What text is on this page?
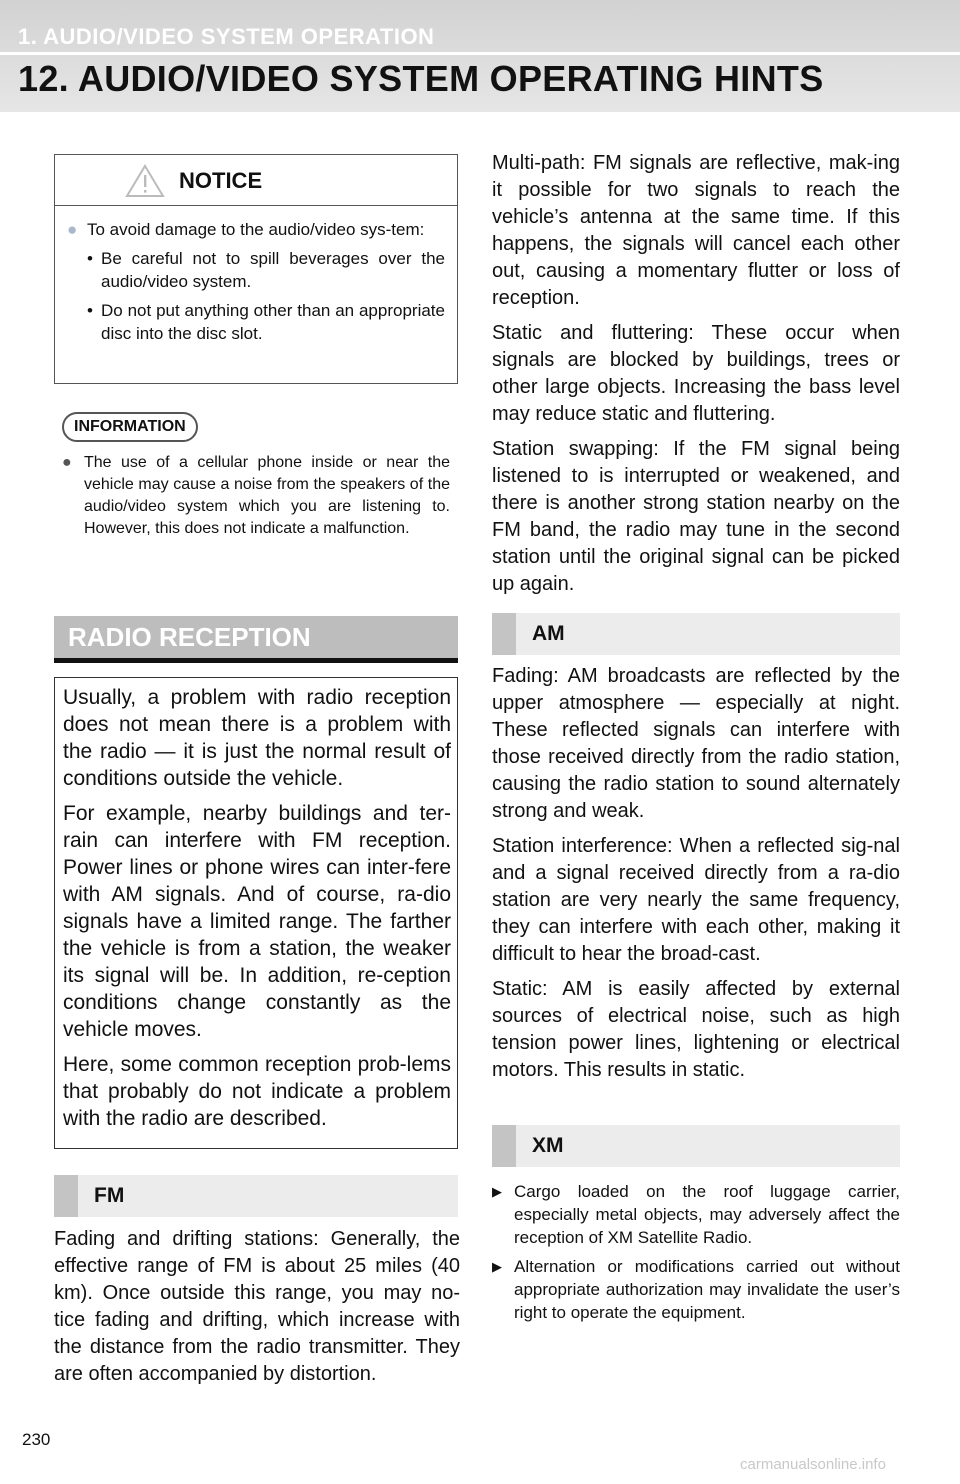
1. AUDIO/VIDEO SYSTEM OPERATION
12. AUDIO/VIDEO SYSTEM OPERATING HINTS
NOTICE
● To avoid damage to the audio/video sys-tem:
• Be careful not to spill beverages over the audio/video system.
• Do not put anything other than an appropriate disc into the disc slot.
INFORMATION
● The use of a cellular phone inside or near the vehicle may cause a noise from the speakers of the audio/video system which you are listening to. However, this does not indicate a malfunction.
RADIO RECEPTION

Usually, a problem with radio reception does not mean there is a problem with the radio — it is just the normal result of conditions outside the vehicle.

For example, nearby buildings and ter-rain can interfere with FM reception. Power lines or phone wires can inter-fere with AM signals. And of course, ra-dio signals have a limited range. The farther the vehicle is from a station, the weaker its signal will be. In addition, re-ception conditions change constantly as the vehicle moves.

Here, some common reception prob-lems that probably do not indicate a problem with the radio are described.

FM

Fading and drifting stations: Generally, the effective range of FM is about 25 miles (40 km). Once outside this range, you may no-tice fading and drifting, which increase with the distance from the radio transmitter. They are often accompanied by distortion.

Multi-path: FM signals are reflective, mak-ing it possible for two signals to reach the vehicle’s antenna at the same time. If this happens, the signals will cancel each other out, causing a momentary flutter or loss of reception.

Static and fluttering: These occur when signals are blocked by buildings, trees or other large objects. Increasing the bass level may reduce static and fluttering.

Station swapping: If the FM signal being listened to is interrupted or weakened, and there is another strong station nearby on the FM band, the radio may tune in the second station until the original signal can be picked up again.

AM

Fading: AM broadcasts are reflected by the upper atmosphere — especially at night. These reflected signals can interfere with those received directly from the radio station, causing the radio station to sound alternately strong and weak.

Station interference: When a reflected sig-nal and a signal received directly from a ra-dio station are very nearly the same frequency, they can interfere with each other, making it difficult to hear the broad-cast.

Static: AM is easily affected by external sources of electrical noise, such as high tension power lines, lightening or electrical motors. This results in static.

XM
▶ Cargo loaded on the roof luggage carrier, especially metal objects, may adversely affect the reception of XM Satellite Radio.
▶ Alternation or modifications carried out without appropriate authorization may invalidate the user’s right to operate the equipment.
230
carmanualsonline.info
